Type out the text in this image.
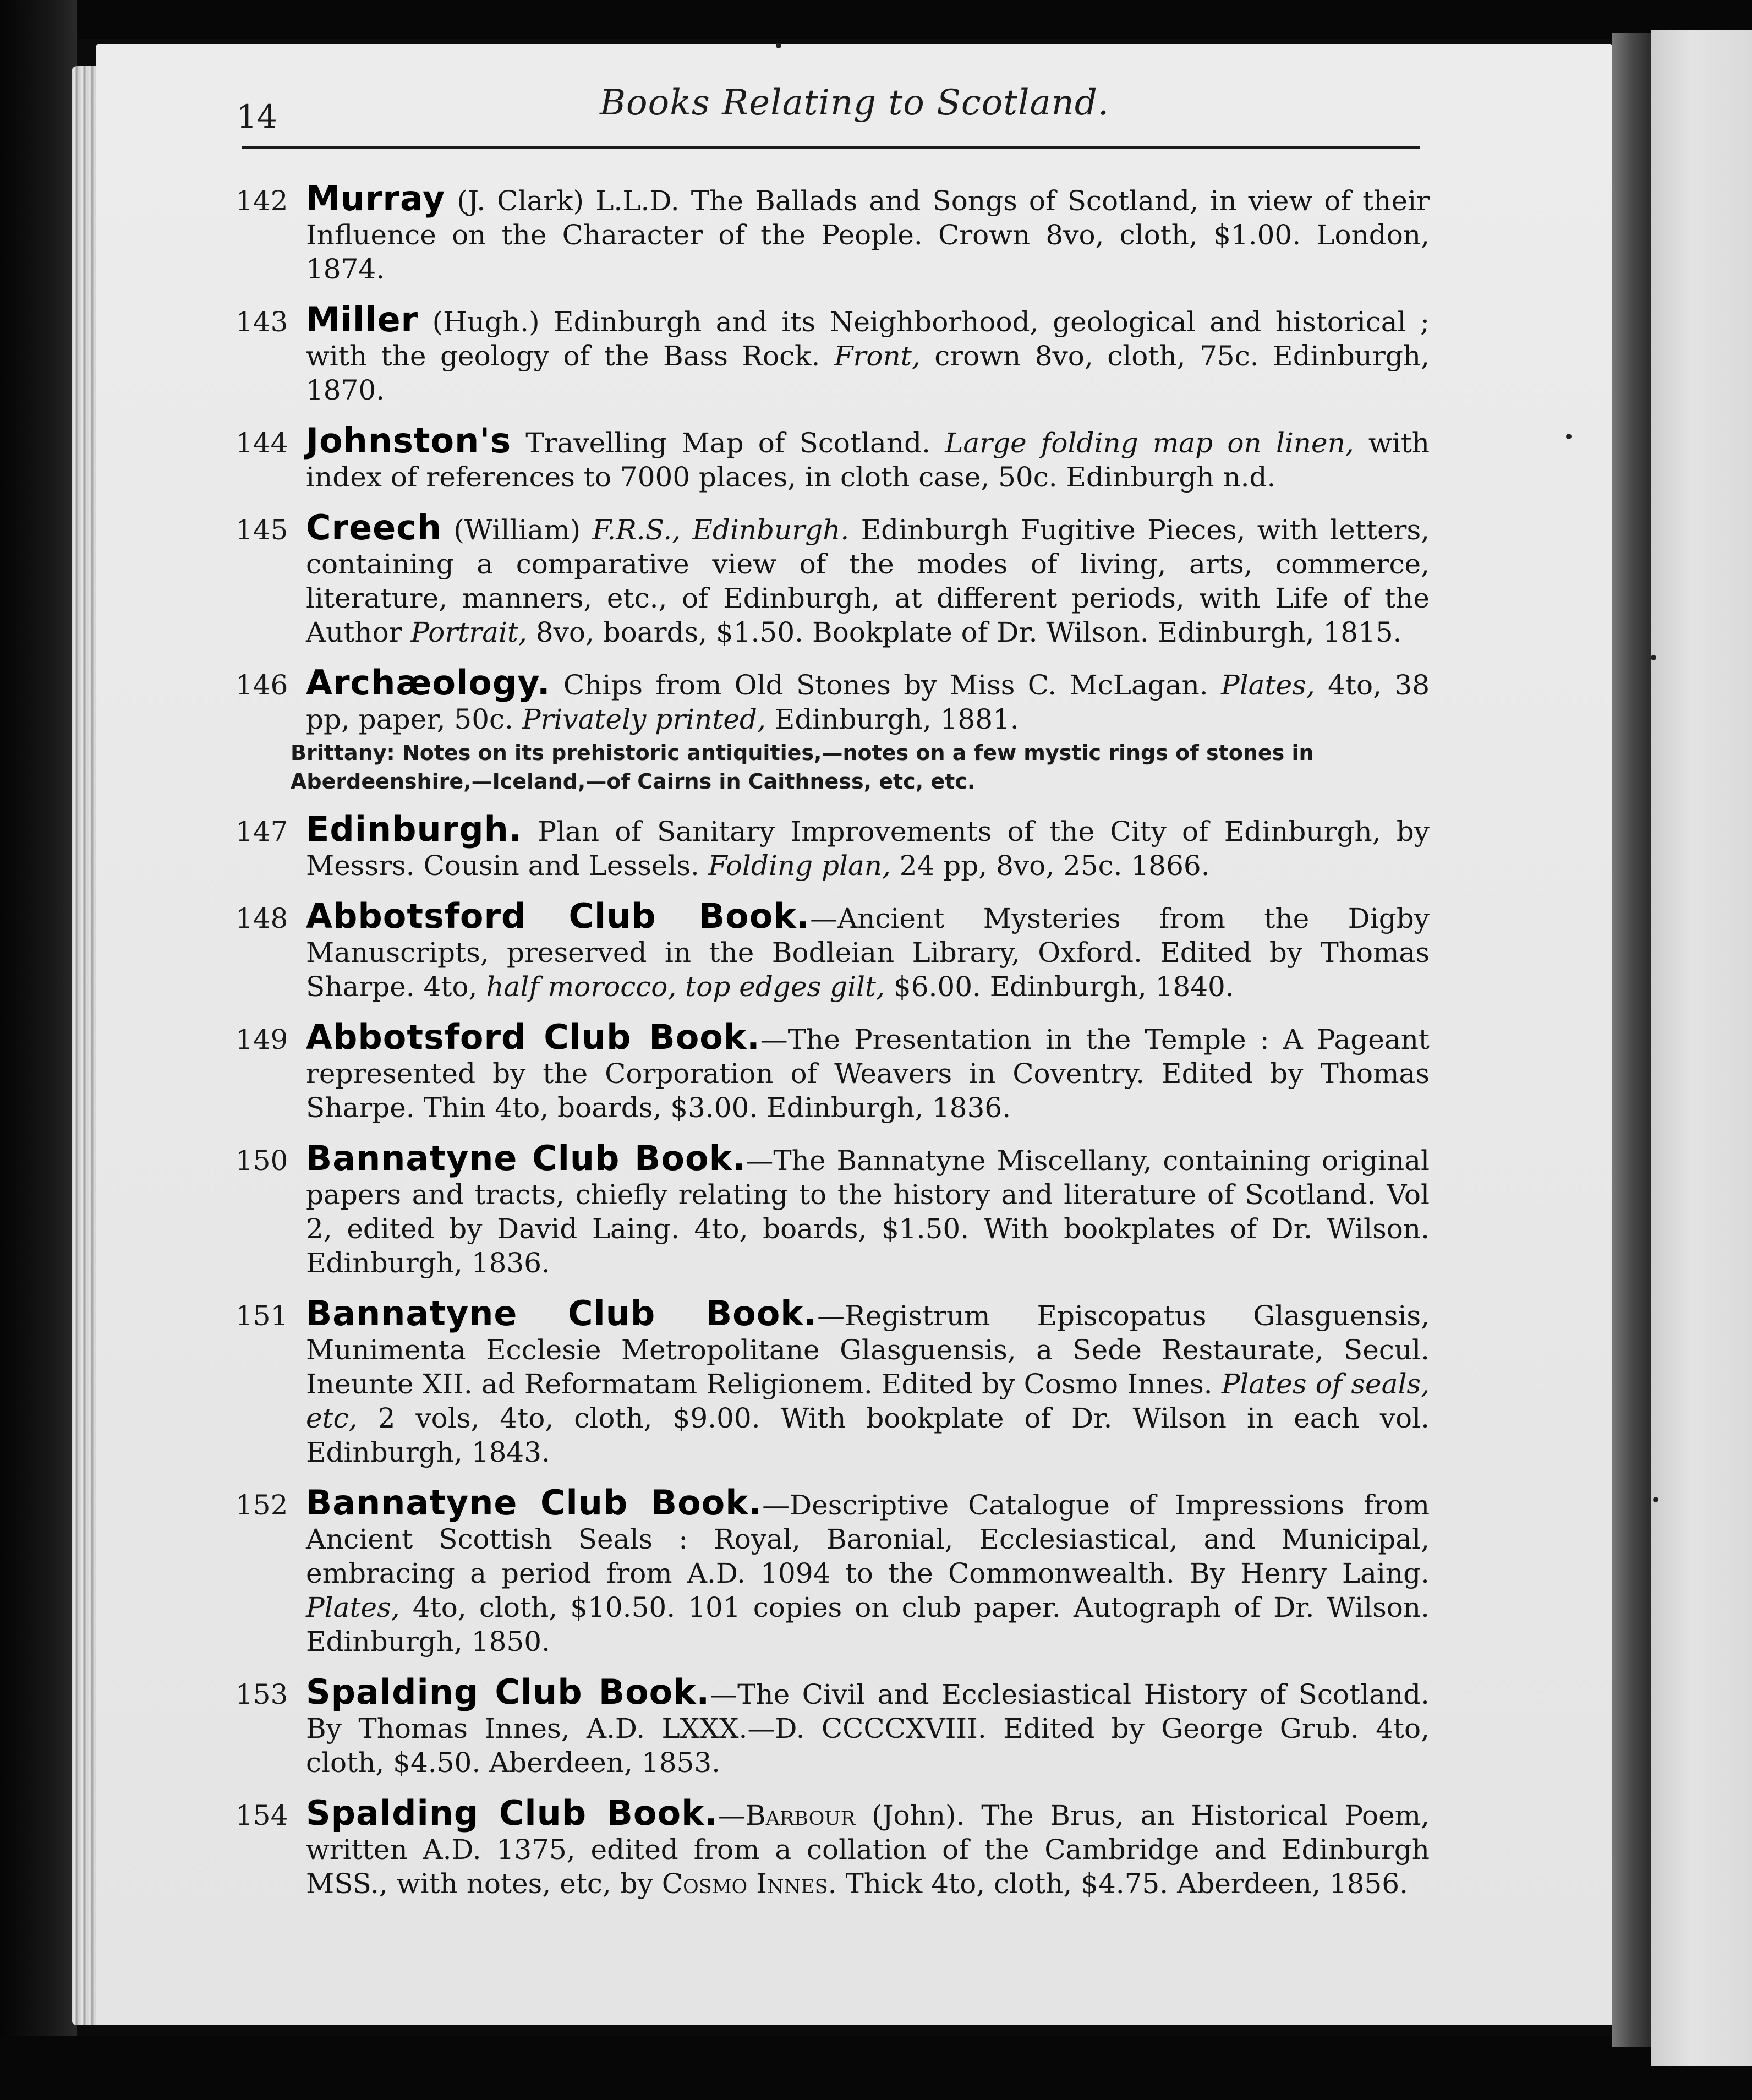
14	Books Relating to Scotland.
142 Murray (J. Clark) L.L.D. The Ballads and Songs of Scotland, in view of their Influence on the Character of the People. Crown 8vo, cloth, $1.00. London, 1874.
143 Miller (Hugh.) Edinburgh and its Neighborhood, geological and historical ; with the geology of the Bass Rock. Front, crown 8vo, cloth, 75c. Edinburgh, 1870.
144 Johnston's Travelling Map of Scotland. Large folding map on linen, with index of references to 7000 places, in cloth case, 50c. Edinburgh n.d.
145 Creech (William) F.R.S., Edinburgh. Edinburgh Fugitive Pieces, with letters, containing a comparative view of the modes of living, arts, commerce, literature, manners, etc., of Edinburgh, at different periods, with Life of the Author Portrait, 8vo, boards, $1.50. Bookplate of Dr. Wilson. Edinburgh, 1815.
146 Archæology. Chips from Old Stones by Miss C. McLagan. Plates, 4to, 38 pp, paper, 50c. Privately printed, Edinburgh, 1881.
Brittany: Notes on its prehistoric antiquities,—notes on a few mystic rings of stones in Aberdeenshire,—Iceland,—of Cairns in Caithness, etc, etc.
147 Edinburgh. Plan of Sanitary Improvements of the City of Edinburgh, by Messrs. Cousin and Lessels. Folding plan, 24 pp, 8vo, 25c. 1866.
148 Abbotsford Club Book.—Ancient Mysteries from the Digby Manuscripts, preserved in the Bodleian Library, Oxford. Edited by Thomas Sharpe. 4to, half morocco, top edges gilt, $6.00. Edinburgh, 1840.
149 Abbotsford Club Book.—The Presentation in the Temple : A Pageant represented by the Corporation of Weavers in Coventry. Edited by Thomas Sharpe. Thin 4to, boards, $3.00. Edinburgh, 1836.
150 Bannatyne Club Book.—The Bannatyne Miscellany, containing original papers and tracts, chiefly relating to the history and literature of Scotland. Vol 2, edited by David Laing. 4to, boards, $1.50. With bookplates of Dr. Wilson. Edinburgh, 1836.
151 Bannatyne Club Book.—Registrum Episcopatus Glasguensis, Munimenta Ecclesie Metropolitane Glasguensis, a Sede Restaurate, Secul. Ineunte XII. ad Reformatam Religionem. Edited by Cosmo Innes. Plates of seals, etc, 2 vols, 4to, cloth, $9.00. With bookplate of Dr. Wilson in each vol. Edinburgh, 1843.
152 Bannatyne Club Book.—Descriptive Catalogue of Impressions from Ancient Scottish Seals : Royal, Baronial, Ecclesiastical, and Municipal, embracing a period from A.D. 1094 to the Commonwealth. By Henry Laing. Plates, 4to, cloth, $10.50. 101 copies on club paper. Autograph of Dr. Wilson. Edinburgh, 1850.
153 Spalding Club Book.—The Civil and Ecclesiastical History of Scotland. By Thomas Innes, A.D. LXXX.—D. CCCCXVIII. Edited by George Grub. 4to, cloth, $4.50. Aberdeen, 1853.
154 Spalding Club Book.—Barbour (John). The Brus, an Historical Poem, written A.D. 1375, edited from a collation of the Cambridge and Edinburgh MSS., with notes, etc, by Cosmo Innes. Thick 4to, cloth, $4.75. Aberdeen, 1856.
